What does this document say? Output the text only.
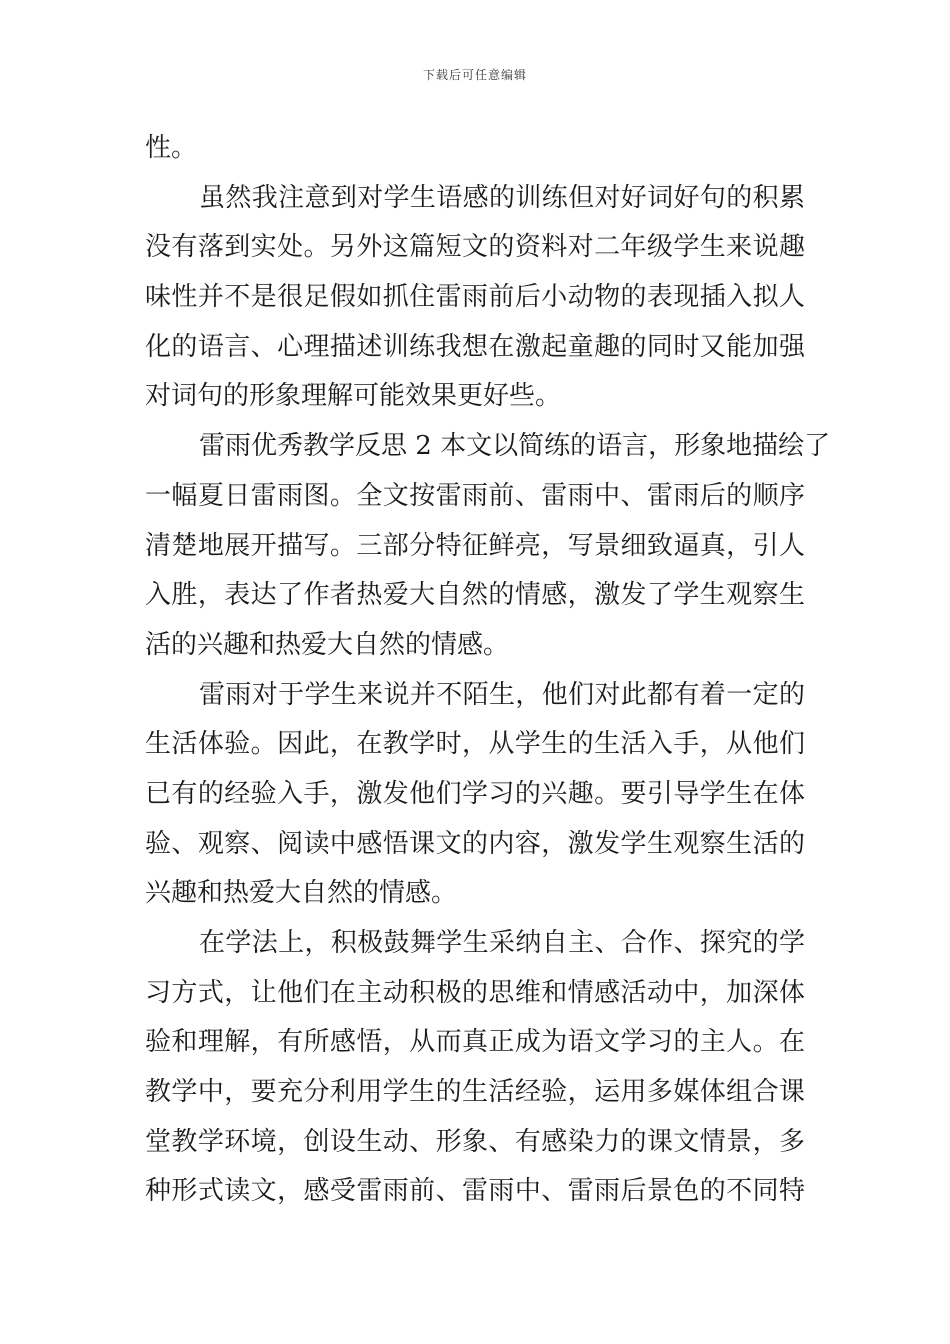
下载后可任意编辑
性。
虽然我注意到对学生语感的训练但对好词好句的积累
没有落到实处。另外这篇短文的资料对二年级学生来说趣
味性并不是很足假如抓住雷雨前后小动物的表现插入拟人
化的语言、心理描述训练我想在激起童趣的同时又能加强
对词句的形象理解可能效果更好些。
雷雨优秀教学反思 2 本文以简练的语言，形象地描绘了
一幅夏日雷雨图。全文按雷雨前、雷雨中、雷雨后的顺序
清楚地展开描写。三部分特征鲜亮，写景细致逼真，引人
入胜，表达了作者热爱大自然的情感，激发了学生观察生
活的兴趣和热爱大自然的情感。
雷雨对于学生来说并不陌生，他们对此都有着一定的
生活体验。因此，在教学时，从学生的生活入手，从他们
已有的经验入手，激发他们学习的兴趣。要引导学生在体
验、观察、阅读中感悟课文的内容，激发学生观察生活的
兴趣和热爱大自然的情感。
在学法上，积极鼓舞学生采纳自主、合作、探究的学
习方式，让他们在主动积极的思维和情感活动中，加深体
验和理解，有所感悟，从而真正成为语文学习的主人。在
教学中，要充分利用学生的生活经验，运用多媒体组合课
堂教学环境，创设生动、形象、有感染力的课文情景，多
种形式读文，感受雷雨前、雷雨中、雷雨后景色的不同特
